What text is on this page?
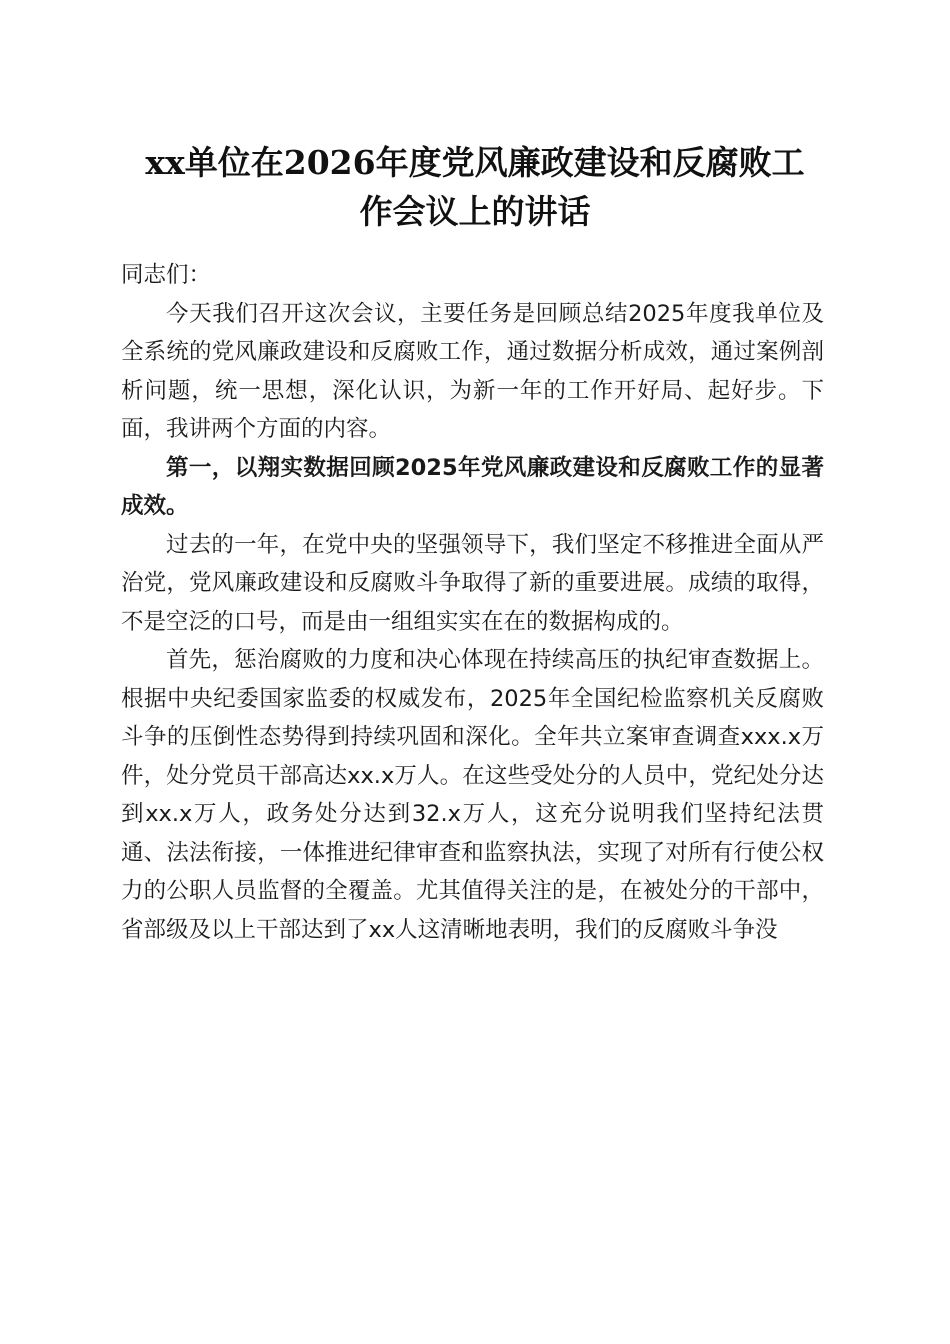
xx单位在2026年度党风廉政建设和反腐败工
作会议上的讲话

同志们：

今天我们召开这次会议，主要任务是回顾总结2025年度我单位及全系统的党风廉政建设和反腐败工作，通过数据分析成效，通过案例剖析问题，统一思想，深化认识，为新一年的工作开好局、起好步。下面，我讲两个方面的内容。

第一，以翔实数据回顾2025年党风廉政建设和反腐败工作的显著成效。

过去的一年，在党中央的坚强领导下，我们坚定不移推进全面从严治党，党风廉政建设和反腐败斗争取得了新的重要进展。成绩的取得，不是空泛的口号，而是由一组组实实在在的数据构成的。

首先，惩治腐败的力度和决心体现在持续高压的执纪审查数据上。根据中央纪委国家监委的权威发布，2025年全国纪检监察机关反腐败斗争的压倒性态势得到持续巩固和深化。全年共立案审查调查xxx.x万件，处分党员干部高达xx.x万人。在这些受处分的人员中，党纪处分达到xx.x万人，政务处分达到32.x万人，这充分说明我们坚持纪法贯通、法法衔接，一体推进纪律审查和监察执法，实现了对所有行使公权力的公职人员监督的全覆盖。尤其值得关注的是，在被处分的干部中，省部级及以上干部达到了xx人这清晰地表明，我们的反腐败斗争没
